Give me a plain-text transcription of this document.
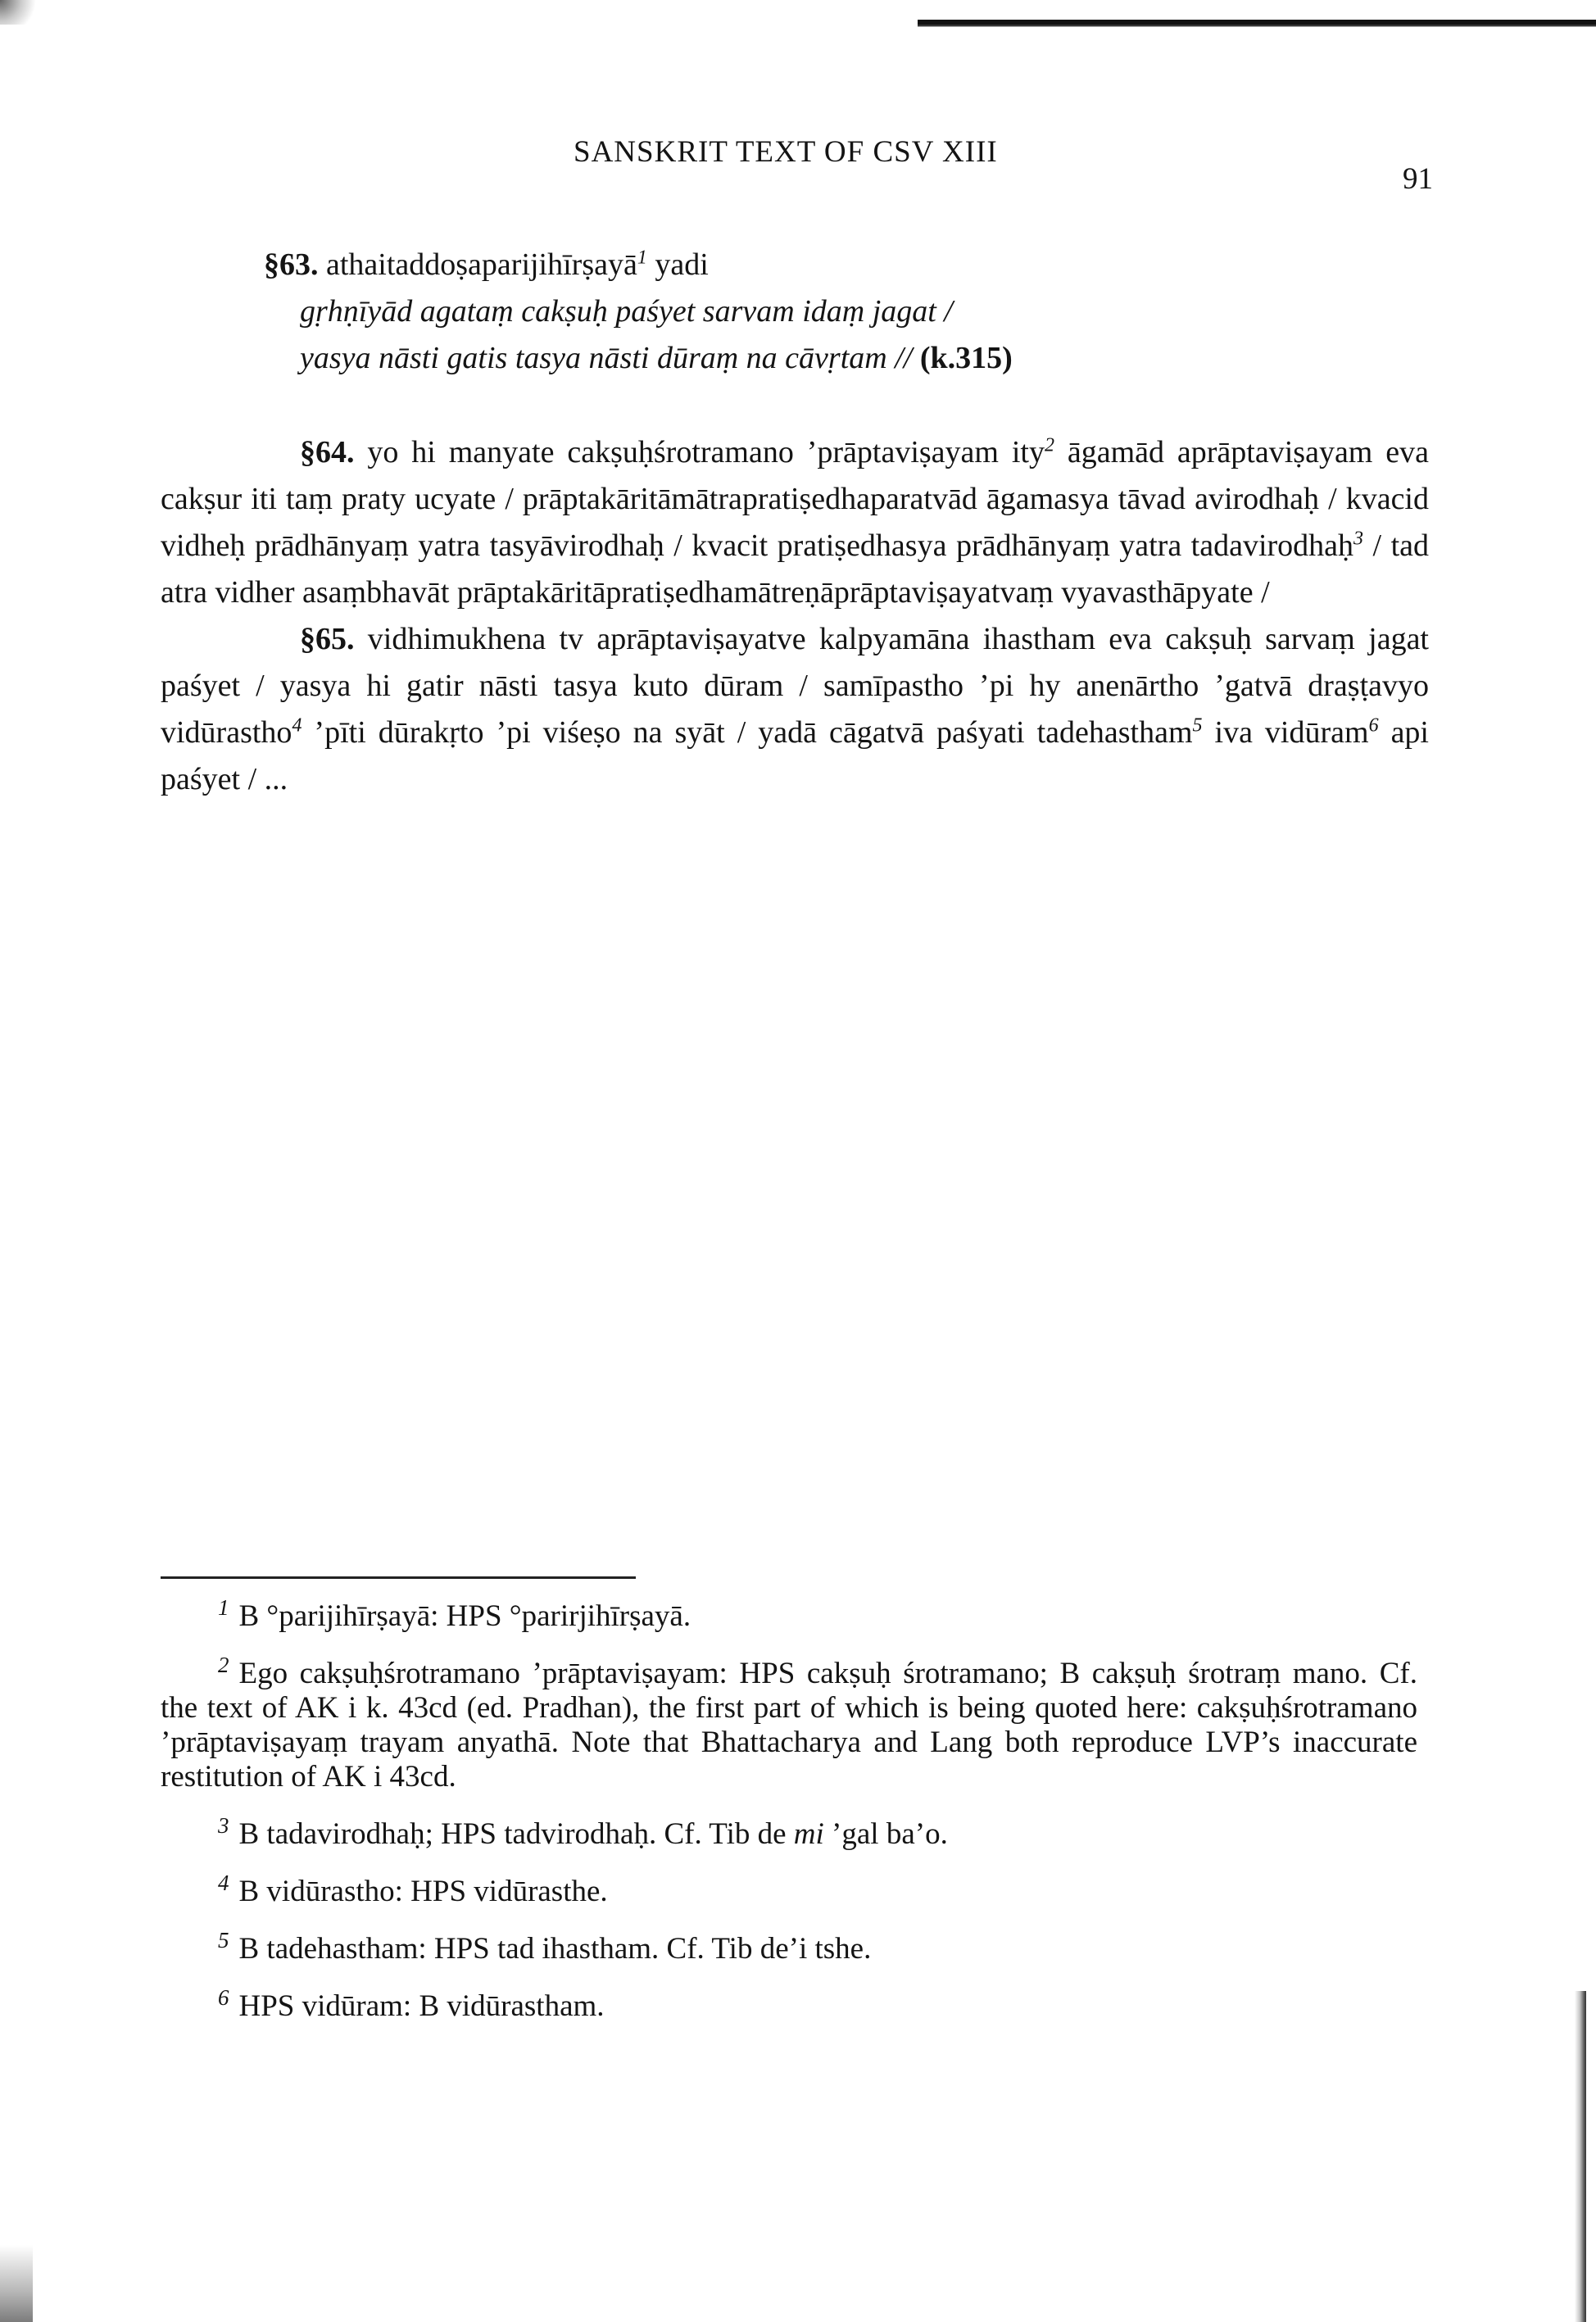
SANSKRIT TEXT OF CSV XIII
91

§63. athaitaddoṣaparijihīrṣayā$^1$ yadi

gṛhṇīyād agataṃ cakṣuḥ paśyet sarvam idaṃ jagat /

yasya nāsti gatis tasya nāsti dūraṃ na cāvṛtam // (k.315)

§64. yo hi manyate cakṣuḥśrotramano ’prāptaviṣayam ity$^2$ āgamād aprāptaviṣayam eva cakṣur iti taṃ praty ucyate / prāptakāritāmātrapratiṣedhaparatvād āgamasya tāvad avirodhaḥ / kvacid vidheḥ prādhānyaṃ yatra tasyāvirodhaḥ / kvacit pratiṣedhasya prādhānyaṃ yatra tadavirodhaḥ$^3$ / tad atra vidher asaṃbhavāt prāptakāritāpratiṣedhamātreṇāprāptaviṣayatvaṃ vyavasthāpyate /

§65. vidhimukhena tv aprāptaviṣayatve kalpyamāna ihastham eva cakṣuḥ sarvaṃ jagat paśyet / yasya hi gatir nāsti tasya kuto dūram / samīpastho ’pi hy anenārtho ’gatvā draṣṭavyo vidūrastho$^4$ ’pīti dūrakṛto ’pi viśeṣo na syāt / yadā cāgatvā paśyati tadehastham$^5$ iva vidūram$^6$ api paśyet / ...

$^1$ B °parijihīrṣayā: HPS °parirjihīrṣayā.

$^2$ Ego cakṣuḥśrotramano ’prāptaviṣayam: HPS cakṣuḥ śrotramano; B cakṣuḥ śrotraṃ mano. Cf. the text of AK i k. 43cd (ed. Pradhan), the first part of which is being quoted here: cakṣuḥśrotramano ’prāptaviṣayaṃ trayam anyathā. Note that Bhattacharya and Lang both reproduce LVP’s inaccurate restitution of AK i 43cd.

$^3$ B tadavirodhaḥ; HPS tadvirodhaḥ. Cf. Tib de mi ’gal ba’o.

$^4$ B vidūrastho: HPS vidūrasthe.

$^5$ B tadehastham: HPS tad ihastham. Cf. Tib de’i tshe.

$^6$ HPS vidūram: B vidūrastham.
